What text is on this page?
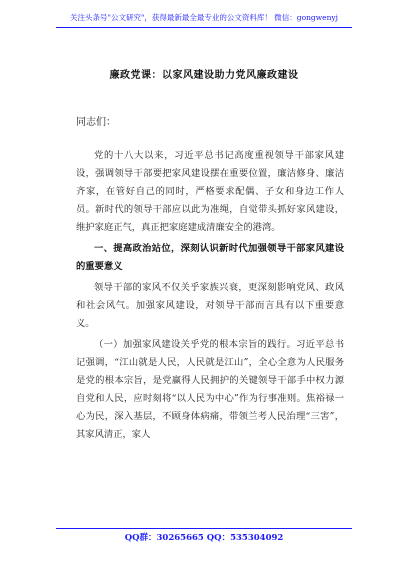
关注头条号"公文研究"，获得最新最全最专业的公文资料库！ 微信：gongwenyj
廉政党课：以家风建设助力党风廉政建设

同志们：

党的十八大以来，习近平总书记高度重视领导干部家风建设，强调领导干部要把家风建设摆在重要位置，廉洁修身、廉洁齐家，在管好自己的同时，严格要求配偶、子女和身边工作人员。新时代的领导干部应以此为准绳，自觉带头抓好家风建设，维护家庭正气，真正把家庭建成清廉安全的港湾。

一、提高政治站位，深刻认识新时代加强领导干部家风建设的重要意义

领导干部的家风不仅关乎家族兴衰，更深刻影响党风、政风和社会风气。加强家风建设，对领导干部而言具有以下重要意义。

（一）加强家风建设关乎党的根本宗旨的践行。习近平总书记强调，“江山就是人民，人民就是江山”，全心全意为人民服务是党的根本宗旨，是党赢得人民拥护的关键领导干部手中权力源自党和人民，应时刻将“以人民为中心”作为行事准则。焦裕禄一心为民，深入基层，不顾身体病痛，带领兰考人民治理“三害”，其家风清正，家人

QQ群：30265665 QQ：535304092
